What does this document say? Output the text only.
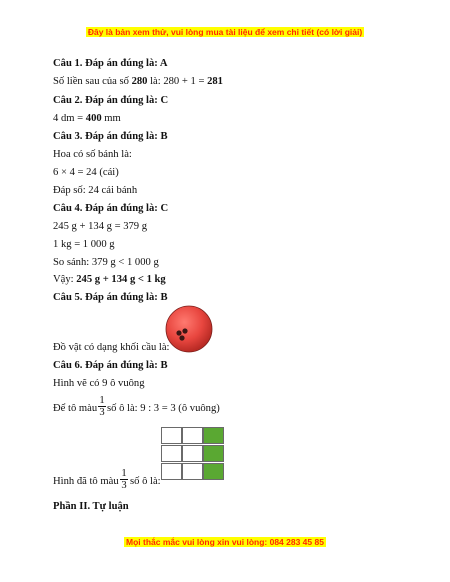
Đây là bản xem thử, vui lòng mua tài liệu để xem chi tiết (có lời giải)
Câu 1. Đáp án đúng là: A
Số liền sau của số 280 là: 280 + 1 = 281
Câu 2. Đáp án đúng là: C
4 dm = 400 mm
Câu 3. Đáp án đúng là: B
Hoa có số bánh là:
6 × 4 = 24 (cái)
Đáp số: 24 cái bánh
Câu 4. Đáp án đúng là: C
245 g + 134 g = 379 g
1 kg = 1 000 g
So sánh: 379 g < 1 000 g
Vậy: 245 g + 134 g < 1 kg
Câu 5. Đáp án đúng là: B
Đồ vật có dạng khối cầu là:
Câu 6. Đáp án đúng là: B
Hình vẽ có 9 ô vuông
Để tô màu
1
3 số ô là: 9 : 3 = 3 (ô vuông)
Hình đã tô màu
1
3 số ô là:
Phần II. Tự luận
Mọi thắc mắc vui lòng xin vui lòng: 084 283 45 85
